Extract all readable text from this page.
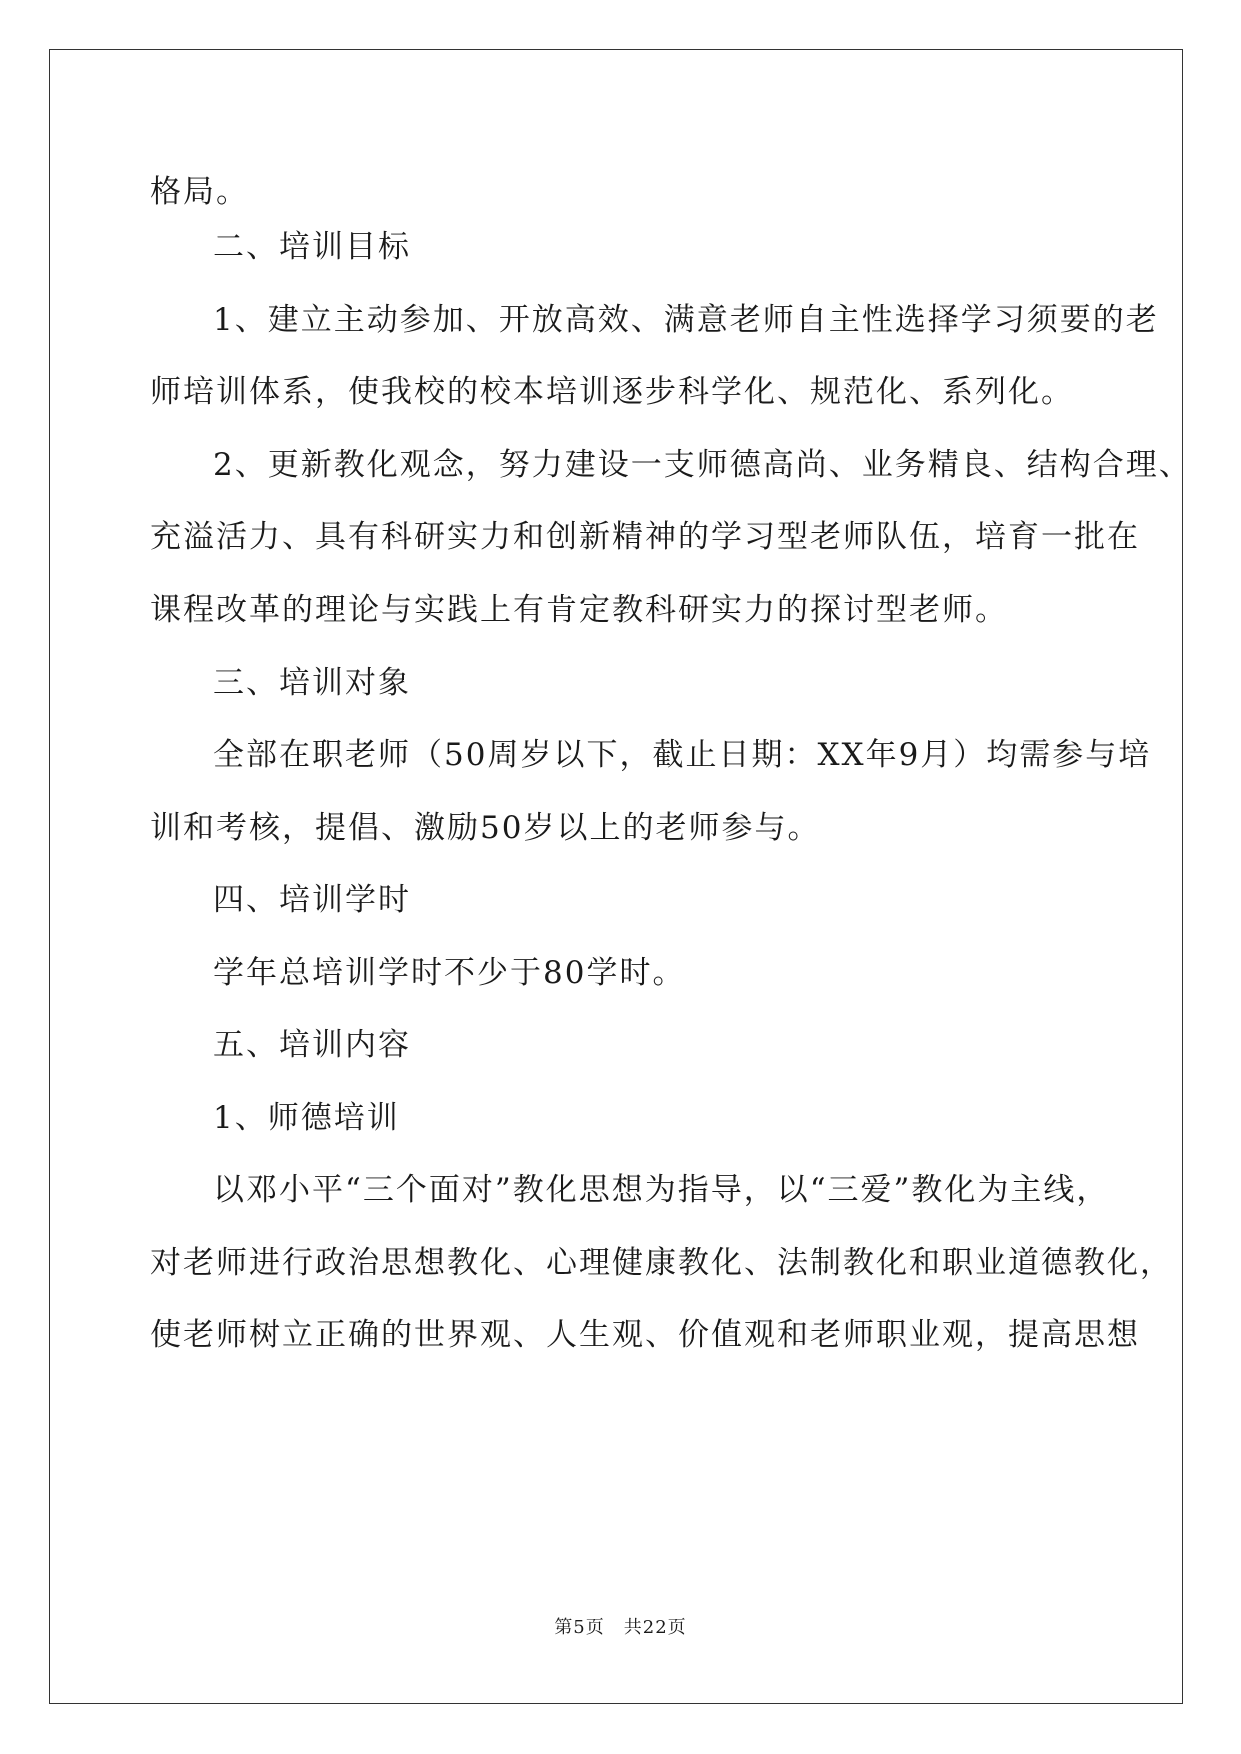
格局。
二、培训目标
1、建立主动参加、开放高效、满意老师自主性选择学习须要的老
师培训体系，使我校的校本培训逐步科学化、规范化、系列化。
2、更新教化观念，努力建设一支师德高尚、业务精良、结构合理、
充溢活力、具有科研实力和创新精神的学习型老师队伍，培育一批在
课程改革的理论与实践上有肯定教科研实力的探讨型老师。
三、培训对象
全部在职老师（50周岁以下，截止日期：XX年9月）均需参与培
训和考核，提倡、激励50岁以上的老师参与。
四、培训学时
学年总培训学时不少于80学时。
五、培训内容
1、师德培训
以邓小平“三个面对”教化思想为指导，以“三爱”教化为主线，
对老师进行政治思想教化、心理健康教化、法制教化和职业道德教化，
使老师树立正确的世界观、人生观、价值观和老师职业观，提高思想
第5页　共22页
